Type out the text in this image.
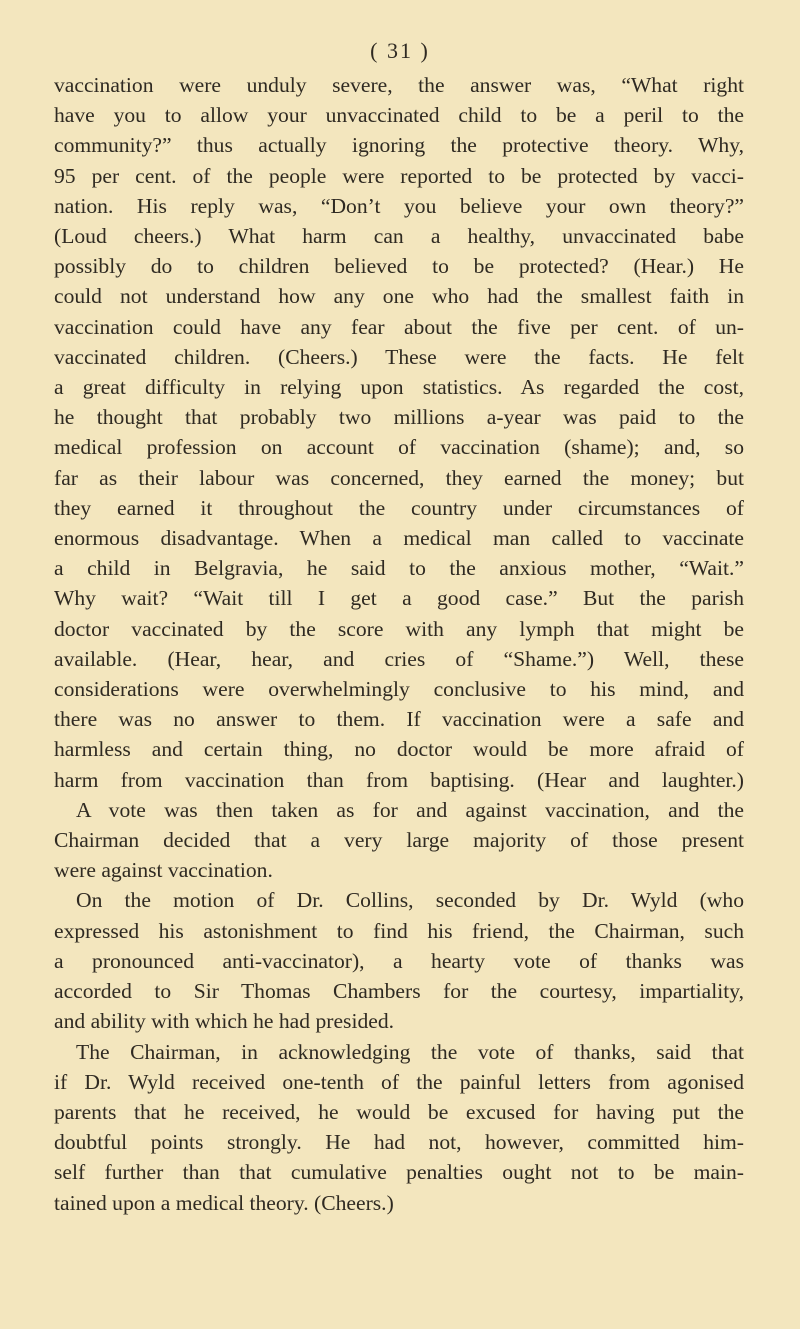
( 31 )
vaccination were unduly severe, the answer was, “What right
have you to allow your unvaccinated child to be a peril to the
community?” thus actually ignoring the protective theory. Why,
95 per cent. of the people were reported to be protected by vacci-
nation. His reply was, “Don’t you believe your own theory?”
(Loud cheers.) What harm can a healthy, unvaccinated babe
possibly do to children believed to be protected? (Hear.) He
could not understand how any one who had the smallest faith in
vaccination could have any fear about the five per cent. of un-
vaccinated children. (Cheers.) These were the facts. He felt
a great difficulty in relying upon statistics. As regarded the cost,
he thought that probably two millions a-year was paid to the
medical profession on account of vaccination (shame); and, so
far as their labour was concerned, they earned the money; but
they earned it throughout the country under circumstances of
enormous disadvantage. When a medical man called to vaccinate
a child in Belgravia, he said to the anxious mother, “Wait.”
Why wait? “Wait till I get a good case.” But the parish
doctor vaccinated by the score with any lymph that might be
available. (Hear, hear, and cries of “Shame.”) Well, these
considerations were overwhelmingly conclusive to his mind, and
there was no answer to them. If vaccination were a safe and
harmless and certain thing, no doctor would be more afraid of
harm from vaccination than from baptising. (Hear and laughter.)
A vote was then taken as for and against vaccination, and the
Chairman decided that a very large majority of those present
were against vaccination.
On the motion of Dr. Collins, seconded by Dr. Wyld (who
expressed his astonishment to find his friend, the Chairman, such
a pronounced anti-vaccinator), a hearty vote of thanks was
accorded to Sir Thomas Chambers for the courtesy, impartiality,
and ability with which he had presided.
The Chairman, in acknowledging the vote of thanks, said that
if Dr. Wyld received one-tenth of the painful letters from agonised
parents that he received, he would be excused for having put the
doubtful points strongly. He had not, however, committed him-
self further than that cumulative penalties ought not to be main-
tained upon a medical theory. (Cheers.)
